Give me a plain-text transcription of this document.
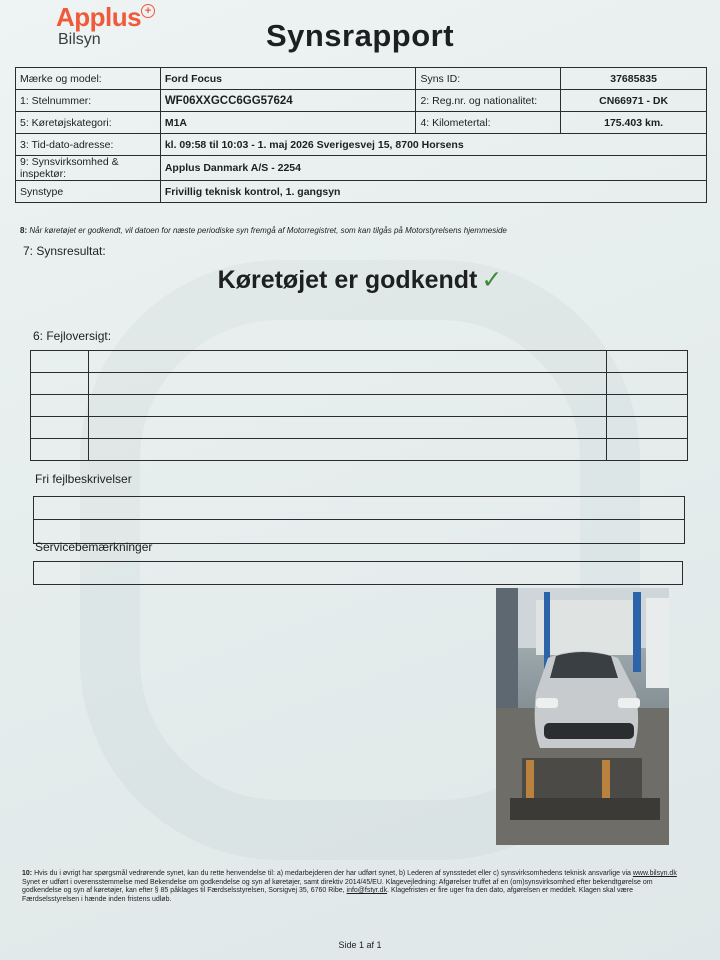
Applus +
Bilsyn	Synsrapport
Mærke og model:	Ford Focus	Syns ID:	37685835
1: Stelnummer:	WF06XXGCC6GG57624	2: Reg.nr. og nationalitet:	CN66971 - DK
5: Køretøjskategori:	M1A	4: Kilometertal:	175.403 km.
3: Tid-dato-adresse:	kl. 09:58 til 10:03 - 1. maj 2026 Sverigesvej 15, 8700 Horsens		
9: Synsvirksomhed & inspektør:	Applus Danmark A/S - 2254		
Synstype	Frivillig teknisk kontrol, 1. gangsyn		
8: Når køretøjet er godkendt, vil datoen for næste periodiske syn fremgå af Motorregistret, som kan tilgås på Motorstyrelsens hjemmeside
7: Synsresultat:
Køretøjet er godkendt ✓
6: Fejloversigt:

Fri fejlbeskrivelser
Servicebemærkninger

10: Hvis du i øvrigt har spørgsmål vedrørende synet, kan du rette henvendelse til: a) medarbejderen der har udført synet, b) Lederen af synsstedet eller c) synsvirksomhedens teknisk ansvarlige via www.bilsyn.dk

Synet er udført i overensstemmelse med Bekendelse om godkendelse og syn af køretøjer, samt direktiv 2014/45/EU. Klagevejledning: Afgørelser truffet af en (om)synsvirksomhed efter bekendtgørelse om godkendelse og syn af køretøjer, kan efter § 85 påklages til Færdselsstyrelsen, Sorsigvej 35, 6760 Ribe, info@fstyr.dk. Klagefristen er fire uger fra den dato, afgørelsen er meddelt. Klagen skal være Færdselsstyrelsen i hænde inden fristens udløb.

Side 1 af 1
